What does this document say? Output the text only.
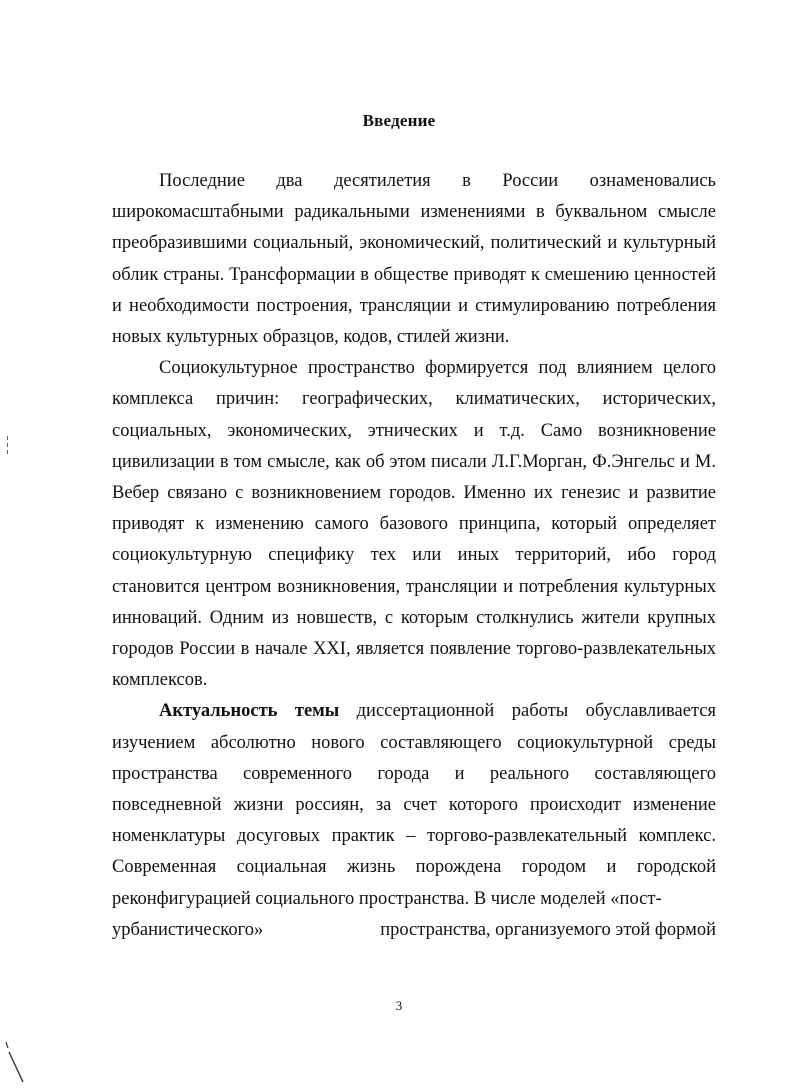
Введение

Последние два десятилетия в России ознаменовались широкомасштабными радикальными изменениями в буквальном смысле преобразившими социальный, экономический, политический и культурный облик страны. Трансформации в обществе приводят к смешению ценностей и необходимости построения, трансляции и стимулированию потребления новых культурных образцов, кодов, стилей жизни.

Социокультурное пространство формируется под влиянием целого комплекса причин: географических, климатических, исторических, социальных, экономических, этнических и т.д. Само возникновение цивилизации в том смысле, как об этом писали Л.Г.Морган, Ф.Энгельс и М. Вебер связано с возникновением городов. Именно их генезис и развитие приводят к изменению самого базового принципа, который определяет социокультурную специфику тех или иных территорий, ибо город становится центром возникновения, трансляции и потребления культурных инноваций. Одним из новшеств, с которым столкнулись жители крупных городов России в начале XXI, является появление торгово-развлекательных комплексов.

Актуальность темы диссертационной работы обуславливается изучением абсолютно нового составляющего социокультурной среды пространства современного города и реального составляющего повседневной жизни россиян, за счет которого происходит изменение номенклатуры досуговых практик – торгово-развлекательный комплекс. Современная социальная жизнь порождена городом и городской реконфигурацией социального пространства. В числе моделей «пост-

урбанистического»	пространства, организуемого этой формой
3
